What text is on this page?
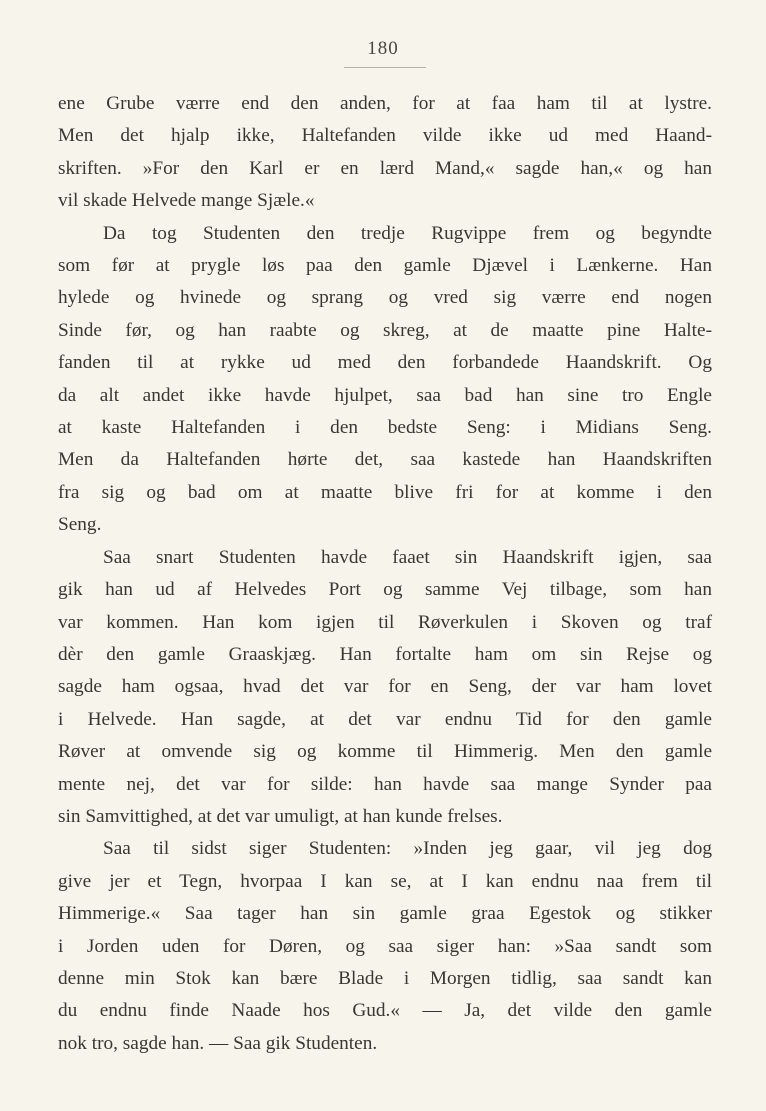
180
ene Grube værre end den anden, for at faa ham til at lystre.
Men det hjalp ikke, Haltefanden vilde ikke ud med Haand-
skriften. »For den Karl er en lærd Mand,« sagde han,« og han
vil skade Helvede mange Sjæle.«
Da tog Studenten den tredje Rugvippe frem og begyndte
som før at prygle løs paa den gamle Djævel i Lænkerne. Han
hylede og hvinede og sprang og vred sig værre end nogen
Sinde før, og han raabte og skreg, at de maatte pine Halte-
fanden til at rykke ud med den forbandede Haandskrift. Og
da alt andet ikke havde hjulpet, saa bad han sine tro Engle
at kaste Haltefanden i den bedste Seng: i Midians Seng.
Men da Haltefanden hørte det, saa kastede han Haandskriften
fra sig og bad om at maatte blive fri for at komme i den
Seng.
Saa snart Studenten havde faaet sin Haandskrift igjen, saa
gik han ud af Helvedes Port og samme Vej tilbage, som han
var kommen. Han kom igjen til Røverkulen i Skoven og traf
dèr den gamle Graaskjæg. Han fortalte ham om sin Rejse og
sagde ham ogsaa, hvad det var for en Seng, der var ham lovet
i Helvede. Han sagde, at det var endnu Tid for den gamle
Røver at omvende sig og komme til Himmerig. Men den gamle
mente nej, det var for silde: han havde saa mange Synder paa
sin Samvittighed, at det var umuligt, at han kunde frelses.
Saa til sidst siger Studenten: »Inden jeg gaar, vil jeg dog
give jer et Tegn, hvorpaa I kan se, at I kan endnu naa frem til
Himmerige.« Saa tager han sin gamle graa Egestok og stikker
i Jorden uden for Døren, og saa siger han: »Saa sandt som
denne min Stok kan bære Blade i Morgen tidlig, saa sandt kan
du endnu finde Naade hos Gud.« — Ja, det vilde den gamle
nok tro, sagde han. — Saa gik Studenten.
